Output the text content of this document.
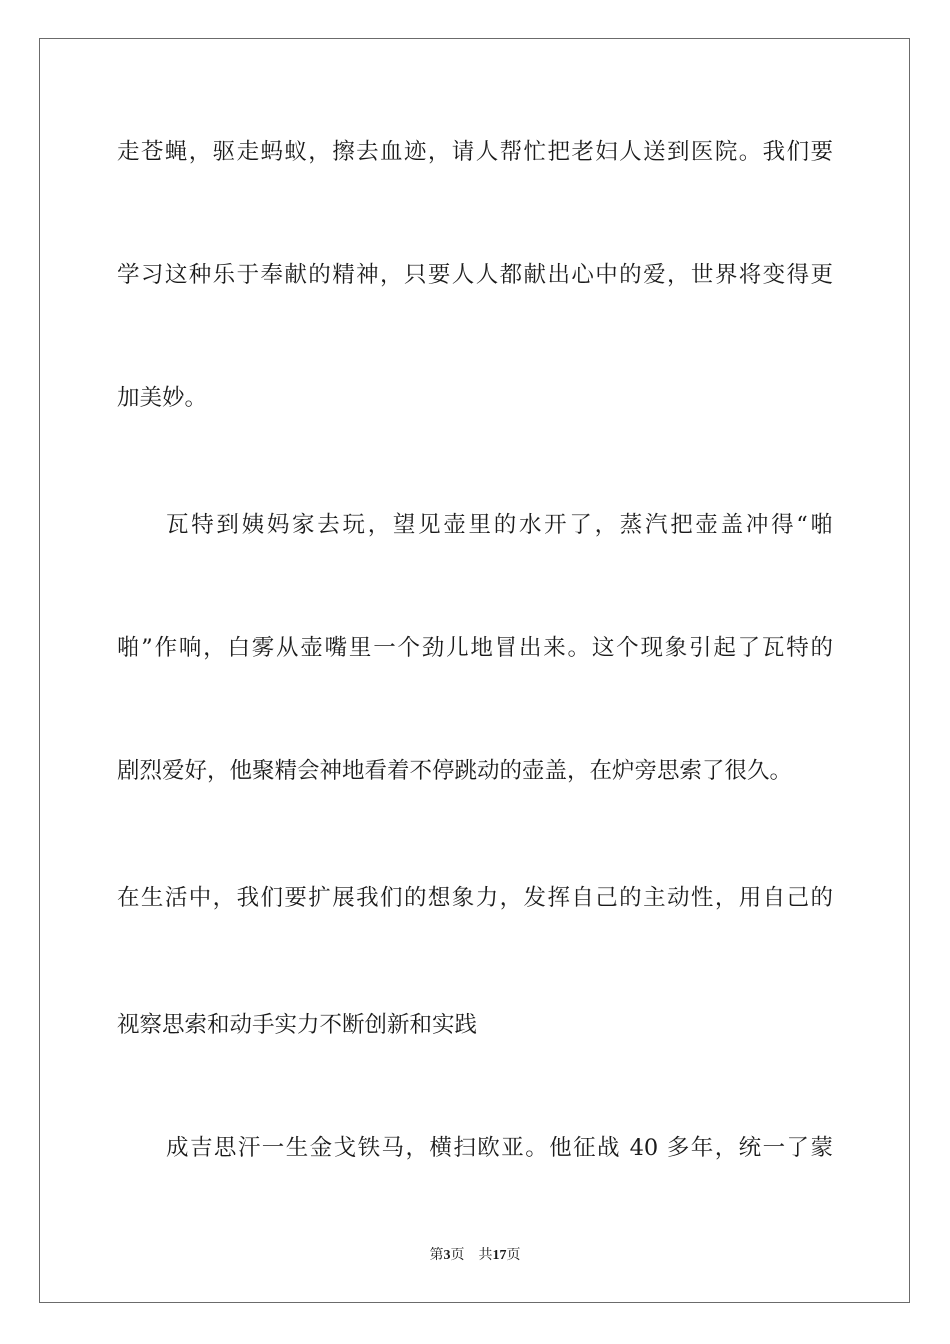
走苍蝇，驱走蚂蚁，擦去血迹，请人帮忙把老妇人送到医院。我们要
学习这种乐于奉献的精神，只要人人都献出心中的爱，世界将变得更
加美妙。
瓦特到姨妈家去玩，望见壶里的水开了，蒸汽把壶盖冲得“啪
啪”作响，白雾从壶嘴里一个劲儿地冒出来。这个现象引起了瓦特的
剧烈爱好，他聚精会神地看着不停跳动的壶盖，在炉旁思索了很久。
在生活中，我们要扩展我们的想象力，发挥自己的主动性，用自己的
视察思索和动手实力不断创新和实践
成吉思汗一生金戈铁马，横扫欧亚。他征战 40 多年，统一了蒙
第3页 共17页
